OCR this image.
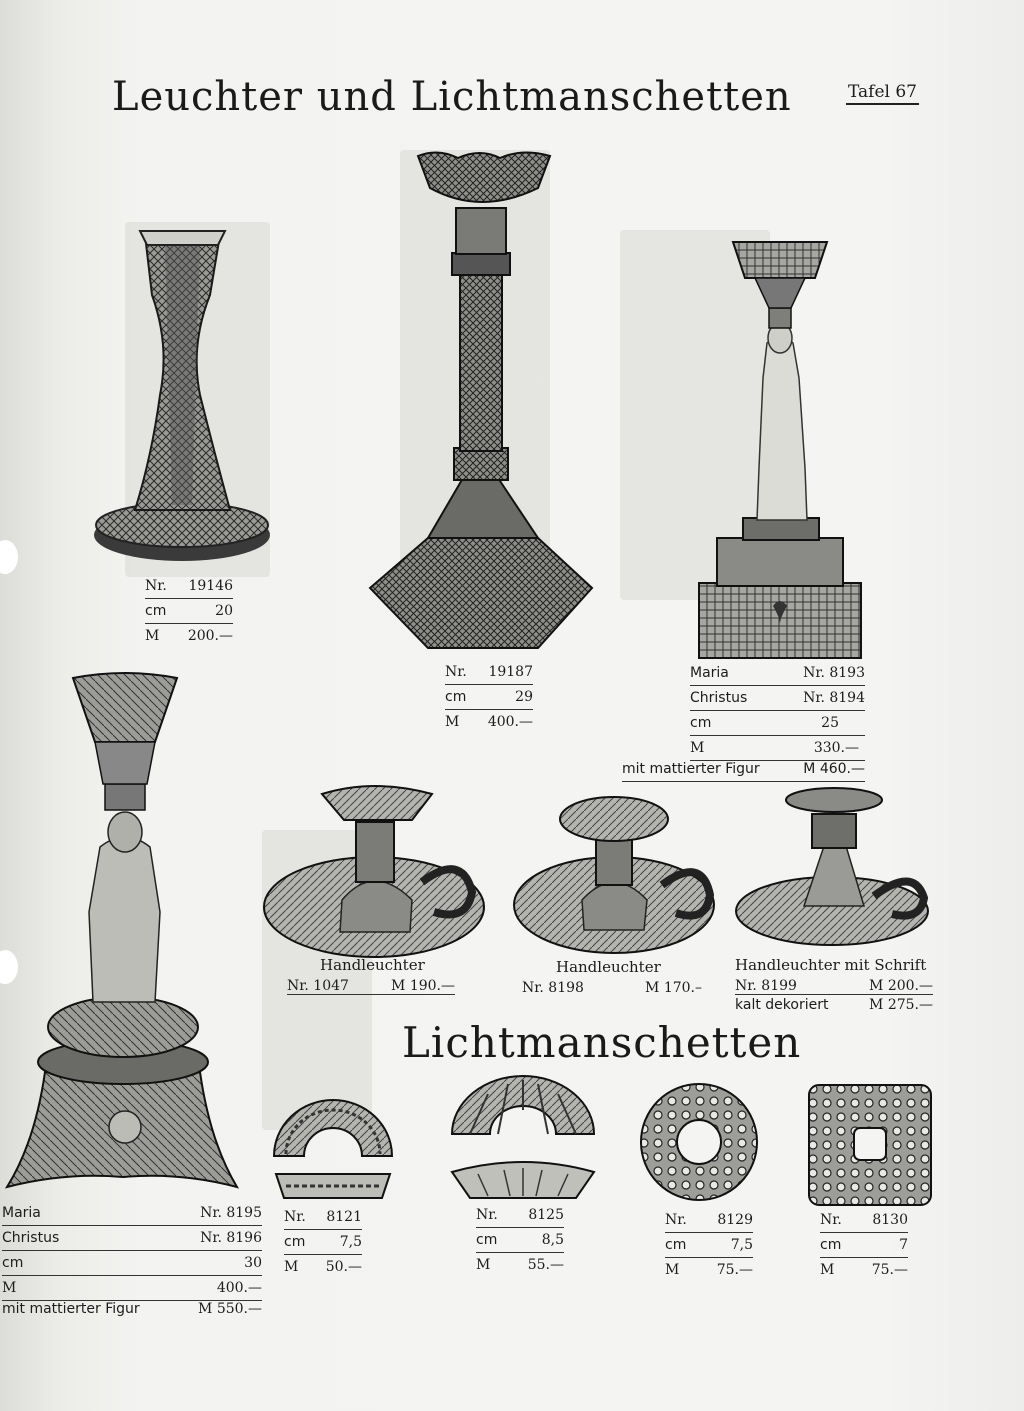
Leuchter und Lichtmanschetten	Tafel 67
Nr. 19146
cm	20
M 200.—
Nr. 19187
cm	29
M 400.—
Maria	Nr. 8193
Christus	Nr. 8194
cm	25
M	330.—
mit mattierter Figur	M 460.—
Maria	Nr. 8195
Christus	Nr. 8196
cm	30
M	400.—
mit mattierter Figur	M 550.—
Handleuchter
Nr. 1047	M 190.—
Handleuchter
Nr. 8198	M 170.–
Handleuchter mit Schrift
Nr. 8199	M 200.—
kalt dekoriert	M 275.—
Lichtmanschetten
Nr. 8121
cm 7,5
M 50.—
Nr. 8125
cm	8,5
M	55.—
Nr. 8129
cm	7,5
M	75.—
Nr. 8130
cm	7
M	75.—
